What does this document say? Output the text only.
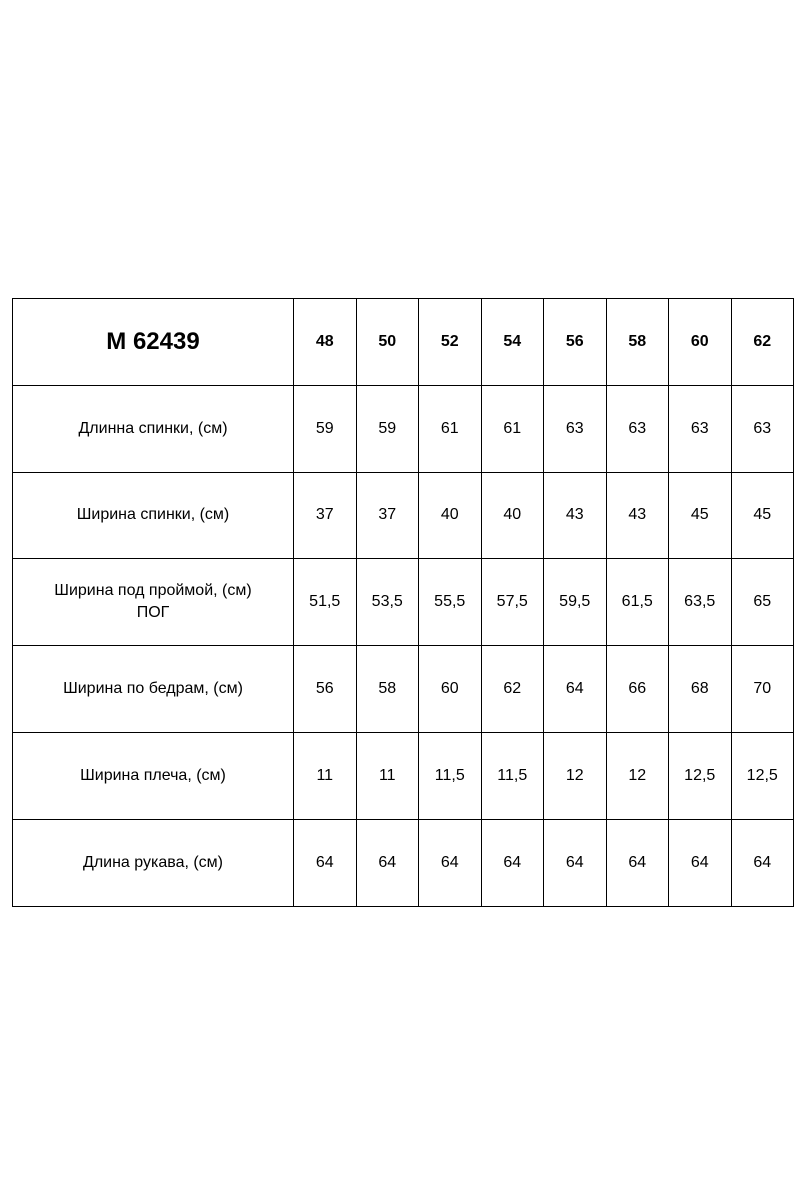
M 62439	48	50	52	54	56	58	60	62

Длинна спинки, (см)	59	59	61	61	63	63	63	63

Ширина спинки, (см)	37	37	40	40	43	43	45	45

Ширина под проймой, (см)
ПОГ	51,5	53,5	55,5	57,5	59,5	61,5	63,5	65

Ширина по бедрам, (см)	56	58	60	62	64	66	68	70

Ширина плеча, (см)	11	11	11,5	11,5	12	12	12,5	12,5

Длина рукава, (см)	64	64	64	64	64	64	64	64
